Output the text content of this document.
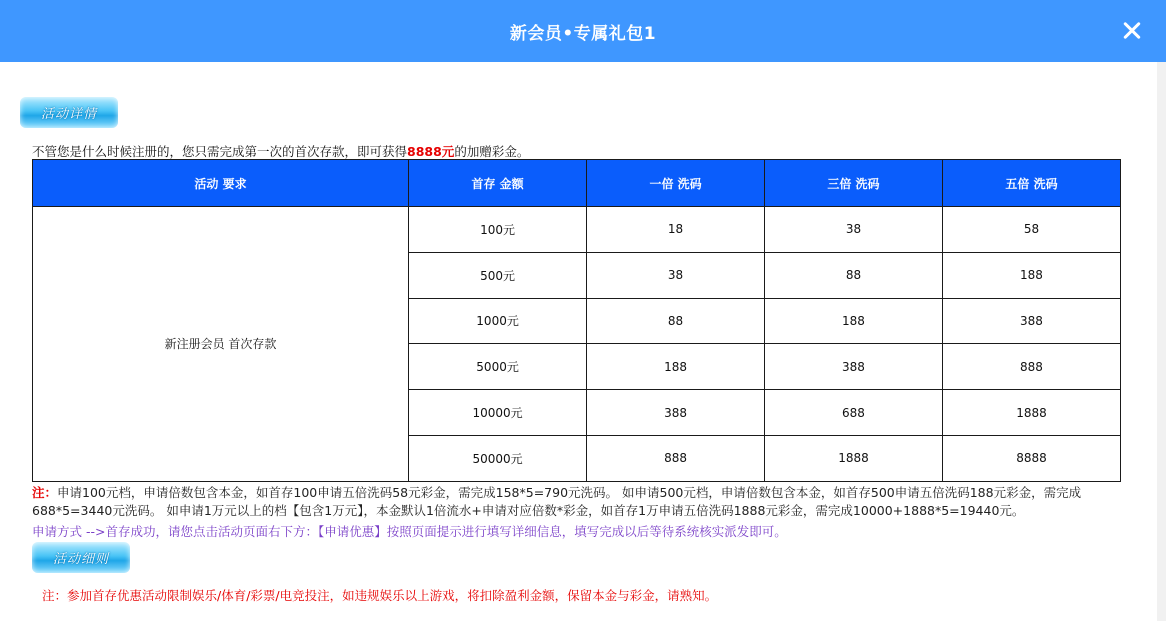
新会员•专属礼包1
活动详情
不管您是什么时候注册的，您只需完成第一次的首次存款，即可获得8888元的加赠彩金。
活动 要求	首存 金额	一倍 洗码	三倍 洗码	五倍 洗码
新注册会员 首次存款	100元	18	38	58
	500元	38	88	188
	1000元	88	188	388
	5000元	188	388	888
	10000元	388	688	1888
	50000元	888	1888	8888
注：申请100元档，申请倍数包含本金，如首存100申请五倍洗码58元彩金，需完成158*5=790元洗码。 如申请500元档，申请倍数包含本金，如首存500申请五倍洗码188元彩金，需完成688*5=3440元洗码。 如申请1万元以上的档【包含1万元】，本金默认1倍流水+申请对应倍数*彩金，如首存1万申请五倍洗码1888元彩金，需完成10000+1888*5=19440元。
申请方式 -->首存成功，请您点击活动页面右下方：【申请优惠】按照页面提示进行填写详细信息，填写完成以后等待系统核实派发即可。
活动细则
注：参加首存优惠活动限制娱乐/体育/彩票/电竞投注，如违规娱乐以上游戏，将扣除盈利金额，保留本金与彩金，请熟知。
